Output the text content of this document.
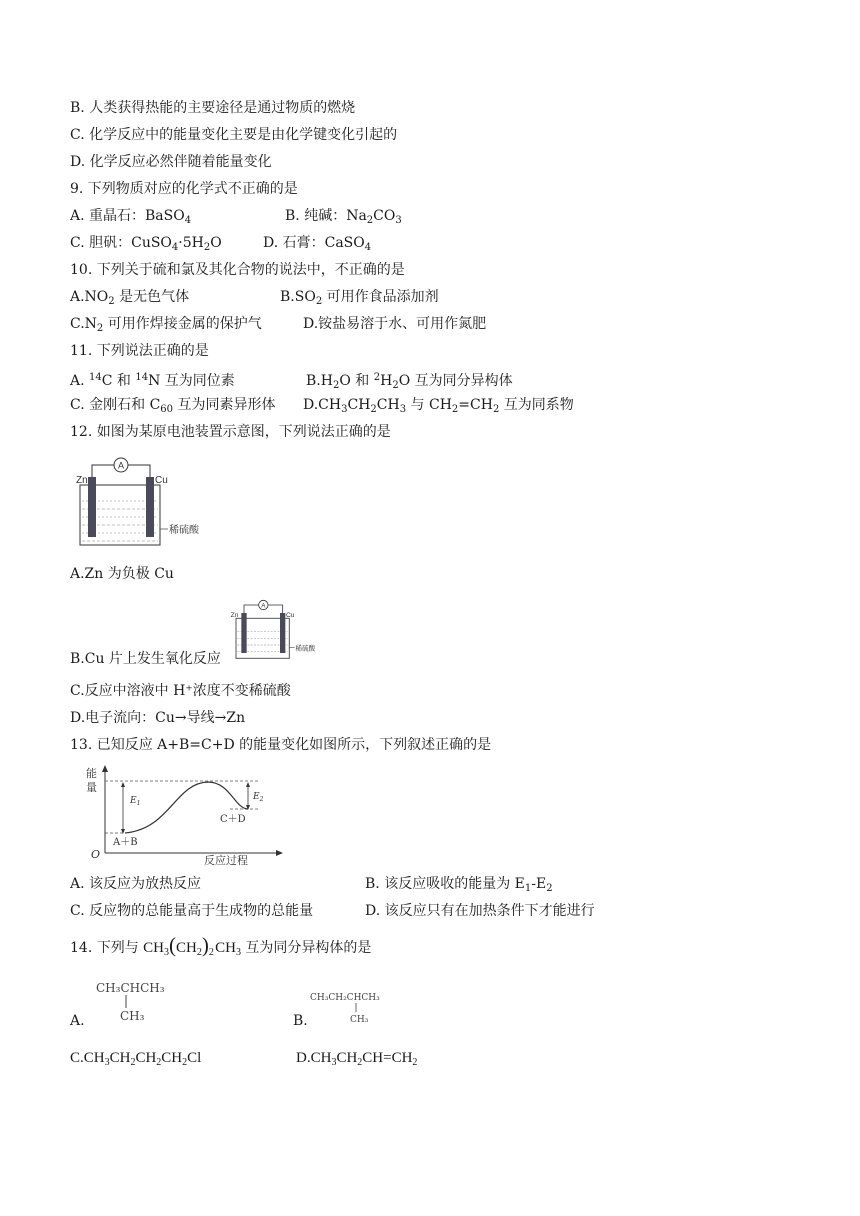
B. 人类获得热能的主要途径是通过物质的燃烧
C. 化学反应中的能量变化主要是由化学键变化引起的
D. 化学反应必然伴随着能量变化
9. 下列物质对应的化学式不正确的是
A. 重晶石：BaSO$_4$	B. 纯碱：$Na_2CO_3$
C. 胆矾：$CuSO_4\cdot 5H_2O$	D. 石膏：CaSO$_4$
10. 下列关于硫和氯及其化合物的说法中，不正确的是
$A.NO_2$ 是无色气体	$B.SO_2$ 可用作食品添加剂
$C.N_2$ 可用作焊接金属的保护气	D.铵盐易溶于水、可用作氮肥
11. 下列说法正确的是
A. $^{14}$C 和 $^{14}$N 互为同位素	$B.H_2O$ 和 $^2H_2O$ 互为同分异构体
C. 金刚石和 $C_{60}$ 互为同素异形体 $D.CH_3CH_2CH_3$ 与 $CH_2=CH_2$ 互为同系物
12. 如图为某原电池装置示意图，下列说法正确的是
A
Zn	Cu
稀硫酸
A.Zn 为负极 Cu
A
Zn	Cu
稀硫酸
B.Cu 片上发生氧化反应
C.反应中溶液中 H⁺浓度不变稀硫酸
D.电子流向：Cu→导线→Zn
13. 已知反应 A+B=C+D 的能量变化如图所示，下列叙述正确的是
能
量
O	反应过程
$E_1$
$E_2$
A＋B
C＋D
A. 该反应为放热反应	B. 该反应吸收的能量为 $E_1-E_2$
C. 反应物的总能量高于生成物的总能量	D. 该反应只有在加热条件下才能进行
14. 下列与 $CH_3(CH_2)_2$ $CH_3$ 互为同分异构体的是
CH₃CHCH₃
CH₃
A.
CH₃CH₂CHCH₃
CH₃
B.
$C.CH_3CH_2CH_2CH_2Cl$	$D.CH_3CH_2CH=CH_2$
